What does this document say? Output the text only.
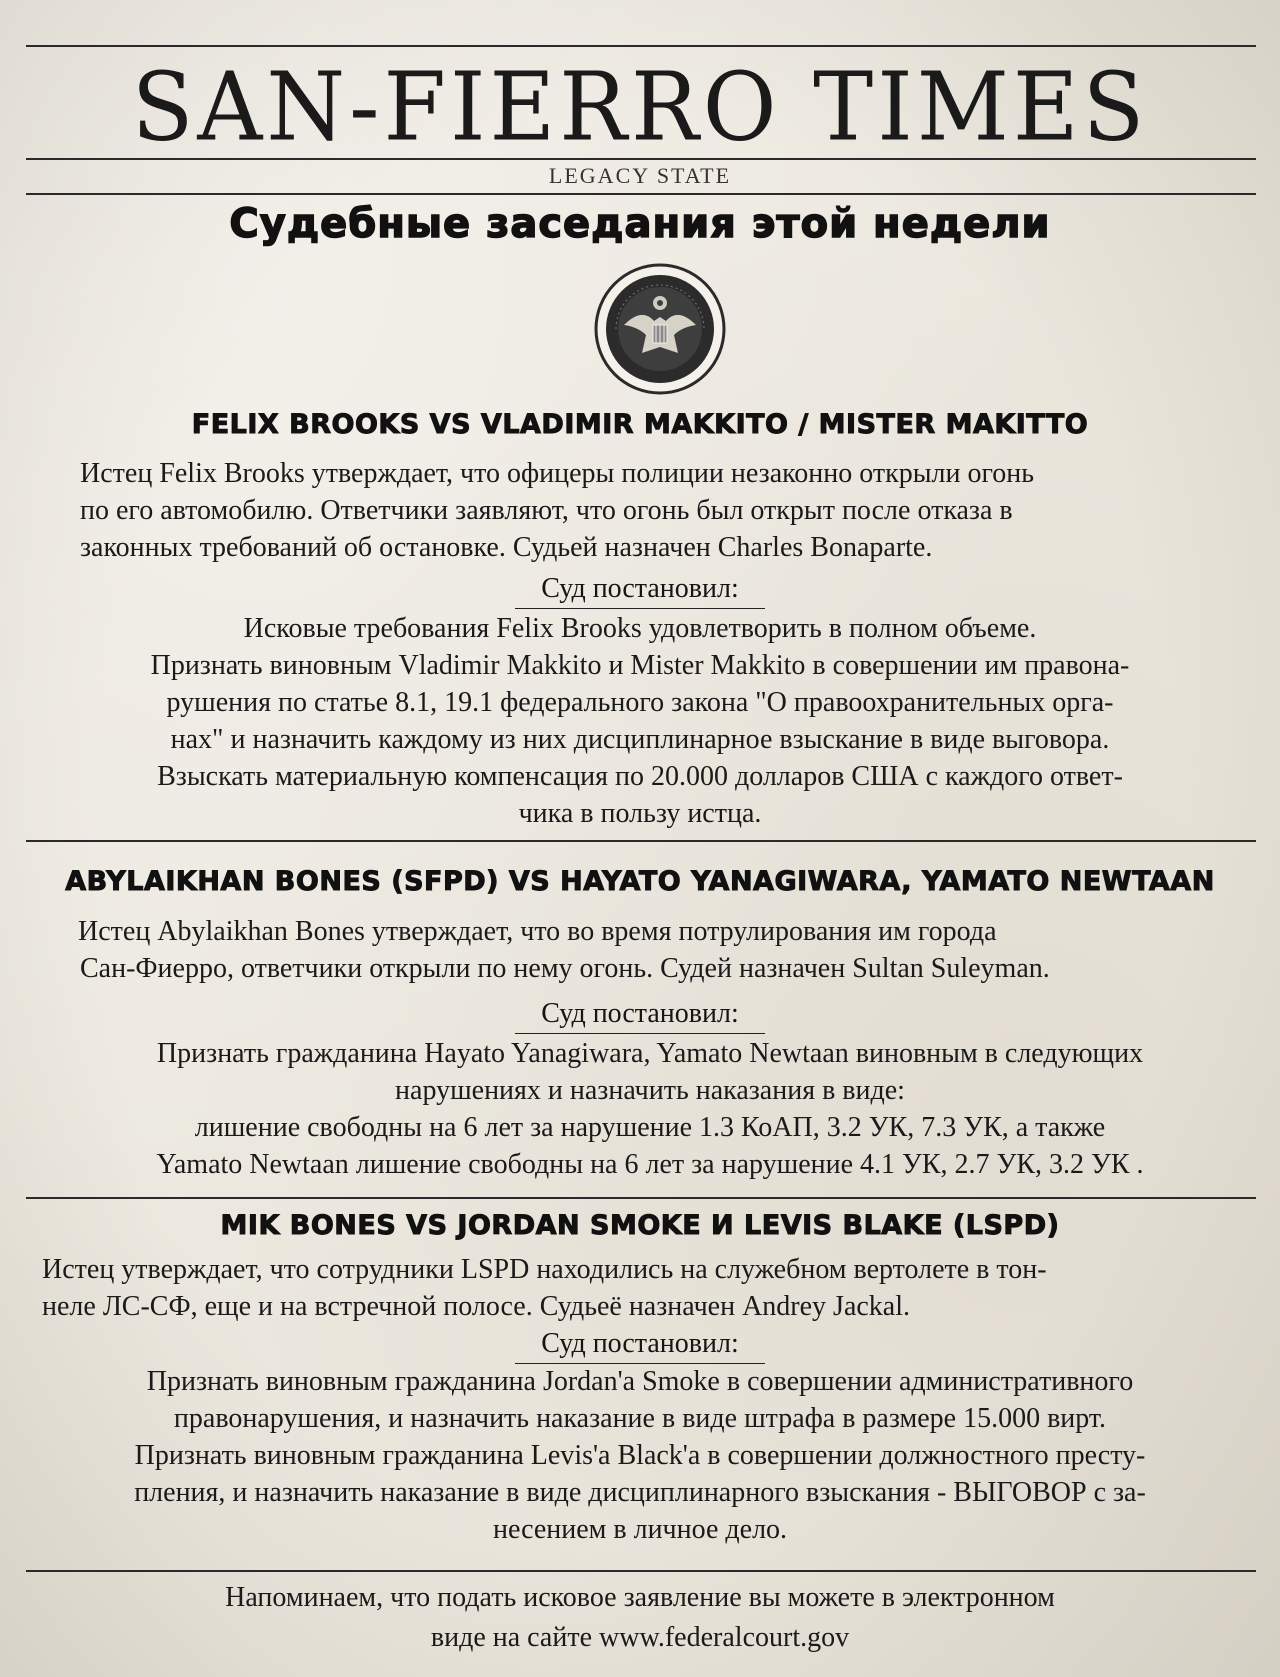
SAN-FIERRO TIMES
LEGACY STATE
Судебные заседания этой недели
FELIX BROOKS VS VLADIMIR MAKKITO / MISTER MAKITTO
Истец Felix Brooks утверждает, что офицеры полиции незаконно открыли огонь
по его автомобилю. Ответчики заявляют, что огонь был открыт после отказа в
законных требований об остановке. Судьей назначен Charles Bonaparte.
Суд постановил:
Исковые требования Felix Brooks удовлетворить в полном объеме.
Признать виновным Vladimir Makkito и Mister Makkito в совершении им правона-
рушения по статье 8.1, 19.1 федерального закона "О правоохранительных орга-
нах" и назначить каждому из них дисциплинарное взыскание в виде выговора.
Взыскать материальную компенсация по 20.000 долларов США с каждого ответ-
чика в пользу истца.
ABYLAIKHAN BONES (SFPD) VS HAYATO YANAGIWARA, YAMATO NEWTAAN
Истец Abylaikhan Bones утверждает, что во время потрулирования им города
Сан-Фиерро, ответчики открыли по нему огонь. Судей назначен Sultan Suleyman.
Суд постановил:
Признать гражданина Hayato Yanagiwara, Yamato Newtaan виновным в следующих
нарушениях и назначить наказания в виде:
лишение свободны на 6 лет за нарушение 1.3 КоАП, 3.2 УК, 7.3 УК, а также
Yamato Newtaan лишение свободны на 6 лет за нарушение 4.1 УК, 2.7 УК, 3.2 УК .
MIK BONES VS JORDAN SMOKE И LEVIS BLAKE (LSPD)
Истец утверждает, что сотрудники LSPD находились на служебном вертолете в тон-
неле ЛС-СФ, еще и на встречной полосе. Судьеё назначен Andrey Jackal.
Суд постановил:
Признать виновным гражданина Jordan'a Smoke в совершении административного
правонарушения, и назначить наказание в виде штрафа в размере 15.000 вирт.
Признать виновным гражданина Levis'a Black'a в совершении должностного престу-
пления, и назначить наказание в виде дисциплинарного взыскания - ВЫГОВОР с за-
несением в личное дело.
Напоминаем, что подать исковое заявление вы можете в электронном
виде на сайте www.federalcourt.gov
